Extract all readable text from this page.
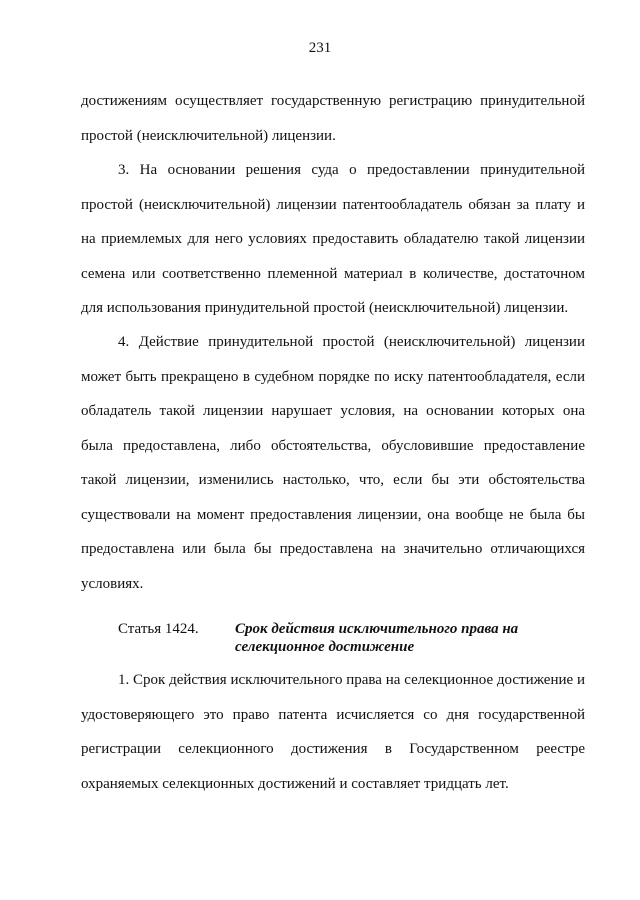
231

достижениям осуществляет государственную регистрацию принудительной простой (неисключительной) лицензии.

3. На основании решения суда о предоставлении принудительной простой (неисключительной) лицензии патентообладатель обязан за плату и на приемлемых для него условиях предоставить обладателю такой лицензии семена или соответственно племенной материал в количестве, достаточном для использования принудительной простой (неисключительной) лицензии.

4. Действие принудительной простой (неисключительной) лицензии может быть прекращено в судебном порядке по иску патентообладателя, если обладатель такой лицензии нарушает условия, на основании которых она была предоставлена, либо обстоятельства, обусловившие предоставление такой лицензии, изменились настолько, что, если бы эти обстоятельства существовали на момент предоставления лицензии, она вообще не была бы предоставлена или была бы предоставлена на значительно отличающихся условиях.

Статья 1424. Срок действия исключительного права на селекционное достижение

1. Срок действия исключительного права на селекционное достижение и удостоверяющего это право патента исчисляется со дня государственной регистрации селекционного достижения в Государственном реестре охраняемых селекционных достижений и составляет тридцать лет.
